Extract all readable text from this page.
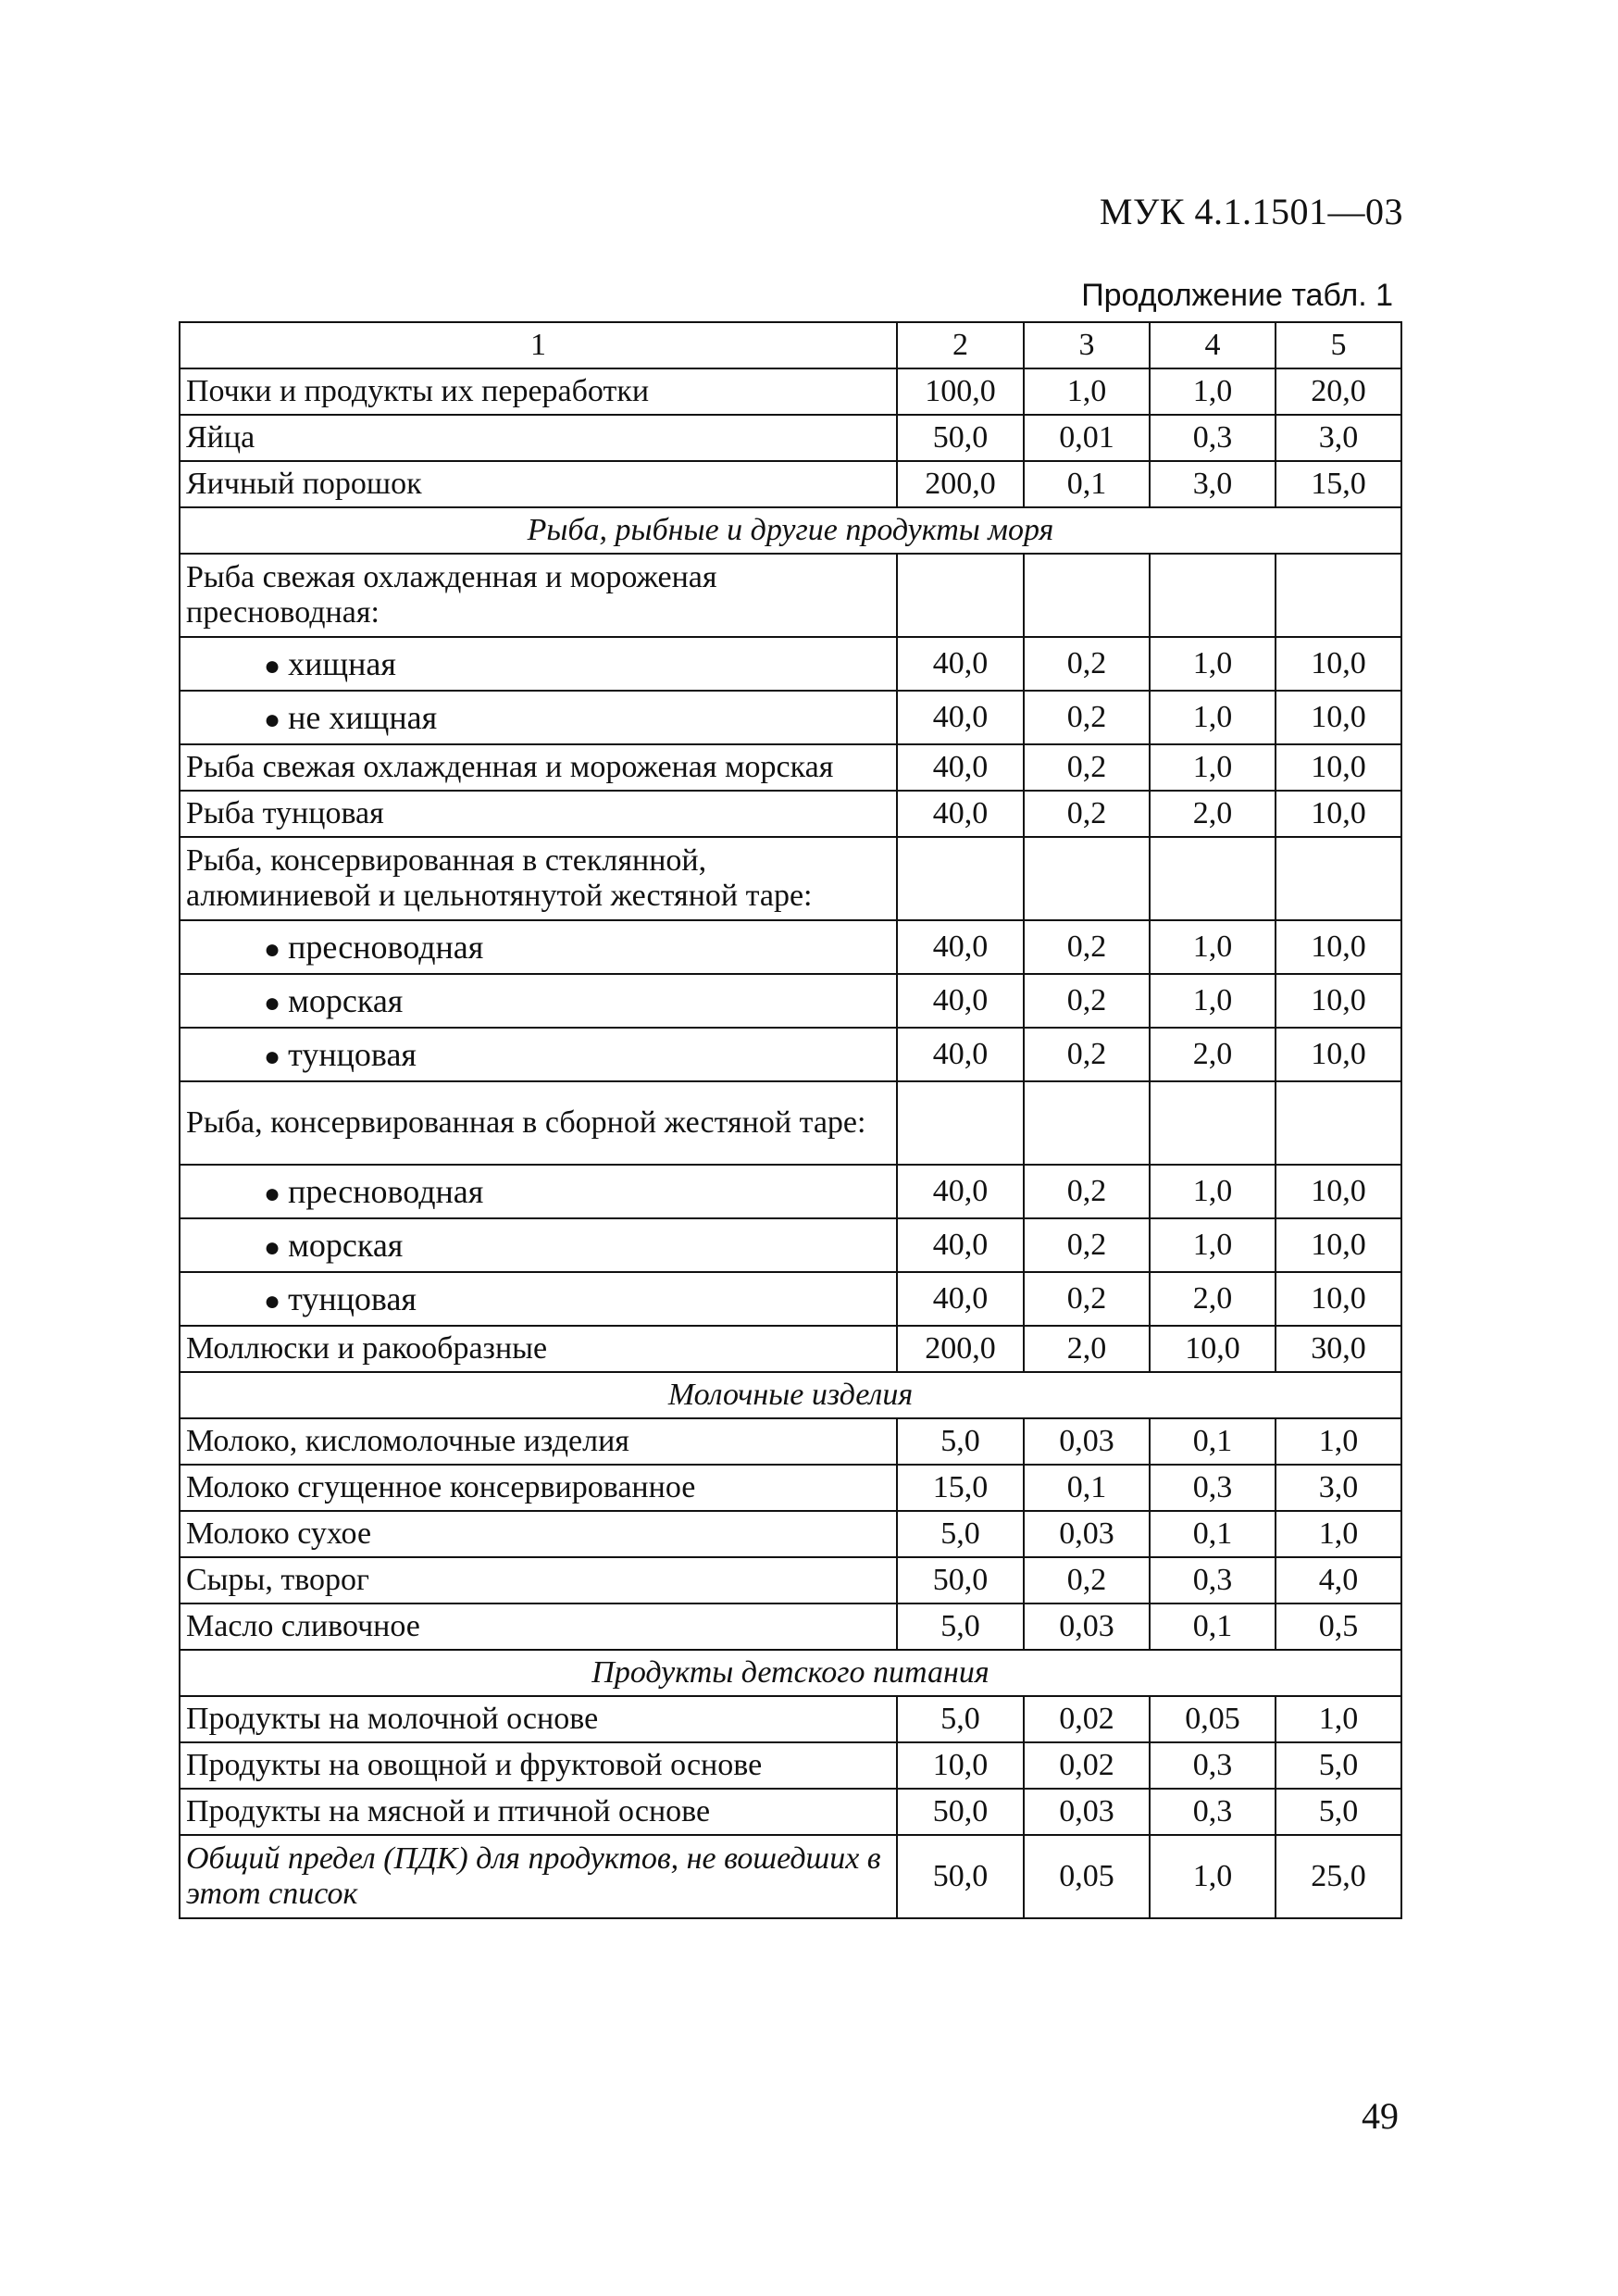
МУК 4.1.1501—03
Продолжение табл. 1
1	2	3	4	5
Почки и продукты их переработки	100,0	1,0	1,0	20,0
Яйца	50,0	0,01	0,3	3,0
Яичный порошок	200,0	0,1	3,0	15,0
Рыба, рыбные и другие продукты моря				
Рыба свежая охлажденная и мороженая пресноводная:				
● хищная	40,0	0,2	1,0	10,0
● не хищная	40,0	0,2	1,0	10,0
Рыба свежая охлажденная и мороженая морская	40,0	0,2	1,0	10,0
Рыба тунцовая	40,0	0,2	2,0	10,0
Рыба, консервированная в стеклянной, алюминиевой и цельнотянутой жестяной таре:				
● пресноводная	40,0	0,2	1,0	10,0
● морская	40,0	0,2	1,0	10,0
● тунцовая	40,0	0,2	2,0	10,0
Рыба, консервированная в сборной жестяной таре:				
● пресноводная	40,0	0,2	1,0	10,0
● морская	40,0	0,2	1,0	10,0
● тунцовая	40,0	0,2	2,0	10,0
Моллюски и ракообразные	200,0	2,0	10,0	30,0
Молочные изделия				
Молоко, кисломолочные изделия	5,0	0,03	0,1	1,0
Молоко сгущенное консервированное	15,0	0,1	0,3	3,0
Молоко сухое	5,0	0,03	0,1	1,0
Сыры, творог	50,0	0,2	0,3	4,0
Масло сливочное	5,0	0,03	0,1	0,5
Продукты детского питания				
Продукты на молочной основе	5,0	0,02	0,05	1,0
Продукты на овощной и фруктовой основе	10,0	0,02	0,3	5,0
Продукты на мясной и птичной основе	50,0	0,03	0,3	5,0
Общий предел (ПДК) для продуктов, не вошедших в этот список	50,0	0,05	1,0	25,0
49
